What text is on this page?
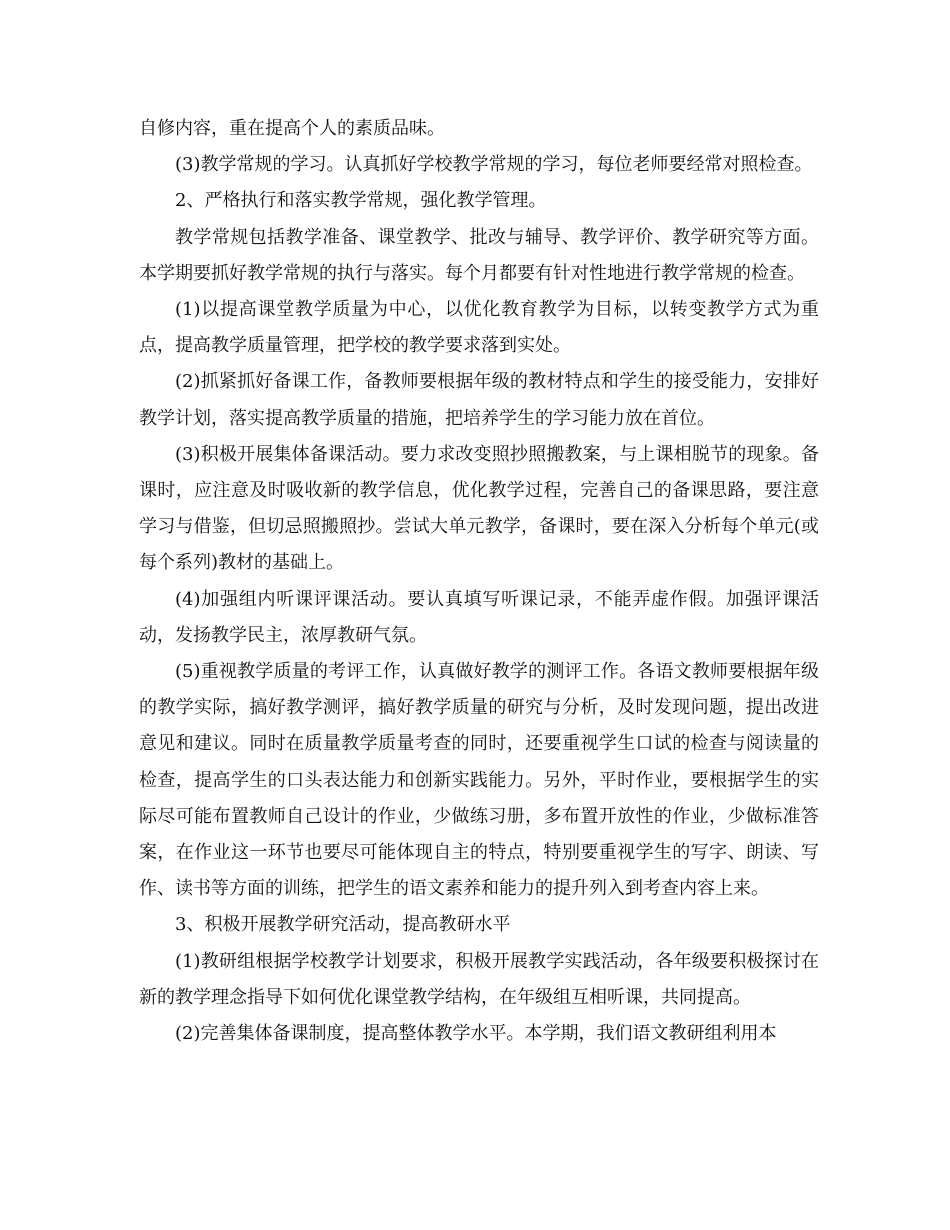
自修内容，重在提高个人的素质品味。

(3)教学常规的学习。认真抓好学校教学常规的学习，每位老师要经常对照检查。

2、严格执行和落实教学常规，强化教学管理。

教学常规包括教学准备、课堂教学、批改与辅导、教学评价、教学研究等方面。本学期要抓好教学常规的执行与落实。每个月都要有针对性地进行教学常规的检查。

(1)以提高课堂教学质量为中心，以优化教育教学为目标，以转变教学方式为重点，提高教学质量管理，把学校的教学要求落到实处。

(2)抓紧抓好备课工作，备教师要根据年级的教材特点和学生的接受能力，安排好教学计划，落实提高教学质量的措施，把培养学生的学习能力放在首位。

(3)积极开展集体备课活动。要力求改变照抄照搬教案，与上课相脱节的现象。备课时，应注意及时吸收新的教学信息，优化教学过程，完善自己的备课思路，要注意学习与借鉴，但切忌照搬照抄。尝试大单元教学，备课时，要在深入分析每个单元(或每个系列)教材的基础上。

(4)加强组内听课评课活动。要认真填写听课记录，不能弄虚作假。加强评课活动，发扬教学民主，浓厚教研气氛。

(5)重视教学质量的考评工作，认真做好教学的测评工作。各语文教师要根据年级的教学实际，搞好教学测评，搞好教学质量的研究与分析，及时发现问题，提出改进意见和建议。同时在质量教学质量考查的同时，还要重视学生口试的检查与阅读量的检查，提高学生的口头表达能力和创新实践能力。另外，平时作业，要根据学生的实际尽可能布置教师自己设计的作业，少做练习册，多布置开放性的作业，少做标准答案，在作业这一环节也要尽可能体现自主的特点，特别要重视学生的写字、朗读、写作、读书等方面的训练，把学生的语文素养和能力的提升列入到考查内容上来。

3、积极开展教学研究活动，提高教研水平

(1)教研组根据学校教学计划要求，积极开展教学实践活动，各年级要积极探讨在新的教学理念指导下如何优化课堂教学结构，在年级组互相听课，共同提高。

(2)完善集体备课制度，提高整体教学水平。本学期，我们语文教研组利用本
